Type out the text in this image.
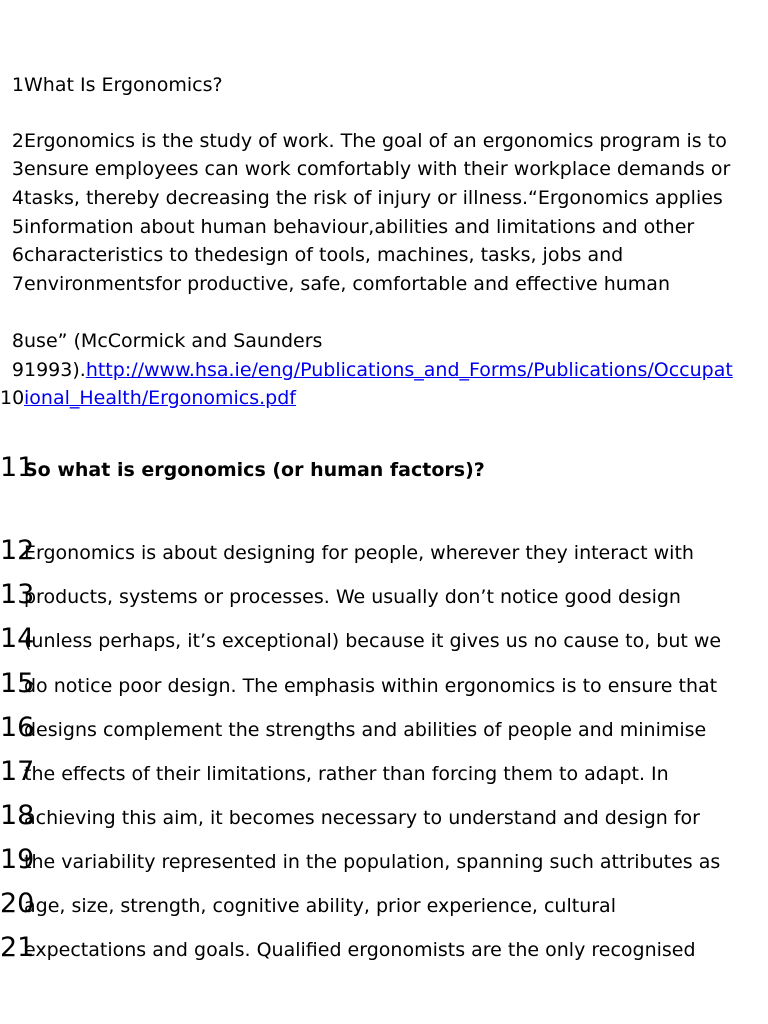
1What Is Ergonomics?
2Ergonomics is the study of work. The goal of an ergonomics program is to
3ensure employees can work comfortably with their workplace demands or
4tasks, thereby decreasing the risk of injury or illness.“Ergonomics applies
5information about human behaviour,abilities and limitations and other
6characteristics to thedesign of tools, machines, tasks, jobs and
7environmentsfor productive, safe, comfortable and effective human
8use” (McCormick and Saunders
91993).http://www.hsa.ie/eng/Publications_and_Forms/Publications/Occupat
10ional_Health/Ergonomics.pdf
11So what is ergonomics (or human factors)?
12Ergonomics is about designing for people, wherever they interact with
13products, systems or processes. We usually don’t notice good design
14(unless perhaps, it’s exceptional) because it gives us no cause to, but we
15do notice poor design. The emphasis within ergonomics is to ensure that
16designs complement the strengths and abilities of people and minimise
17the effects of their limitations, rather than forcing them to adapt. In
18achieving this aim, it becomes necessary to understand and design for
19the variability represented in the population, spanning such attributes as
20age, size, strength, cognitive ability, prior experience, cultural
21expectations and goals. Qualified ergonomists are the only recognised
